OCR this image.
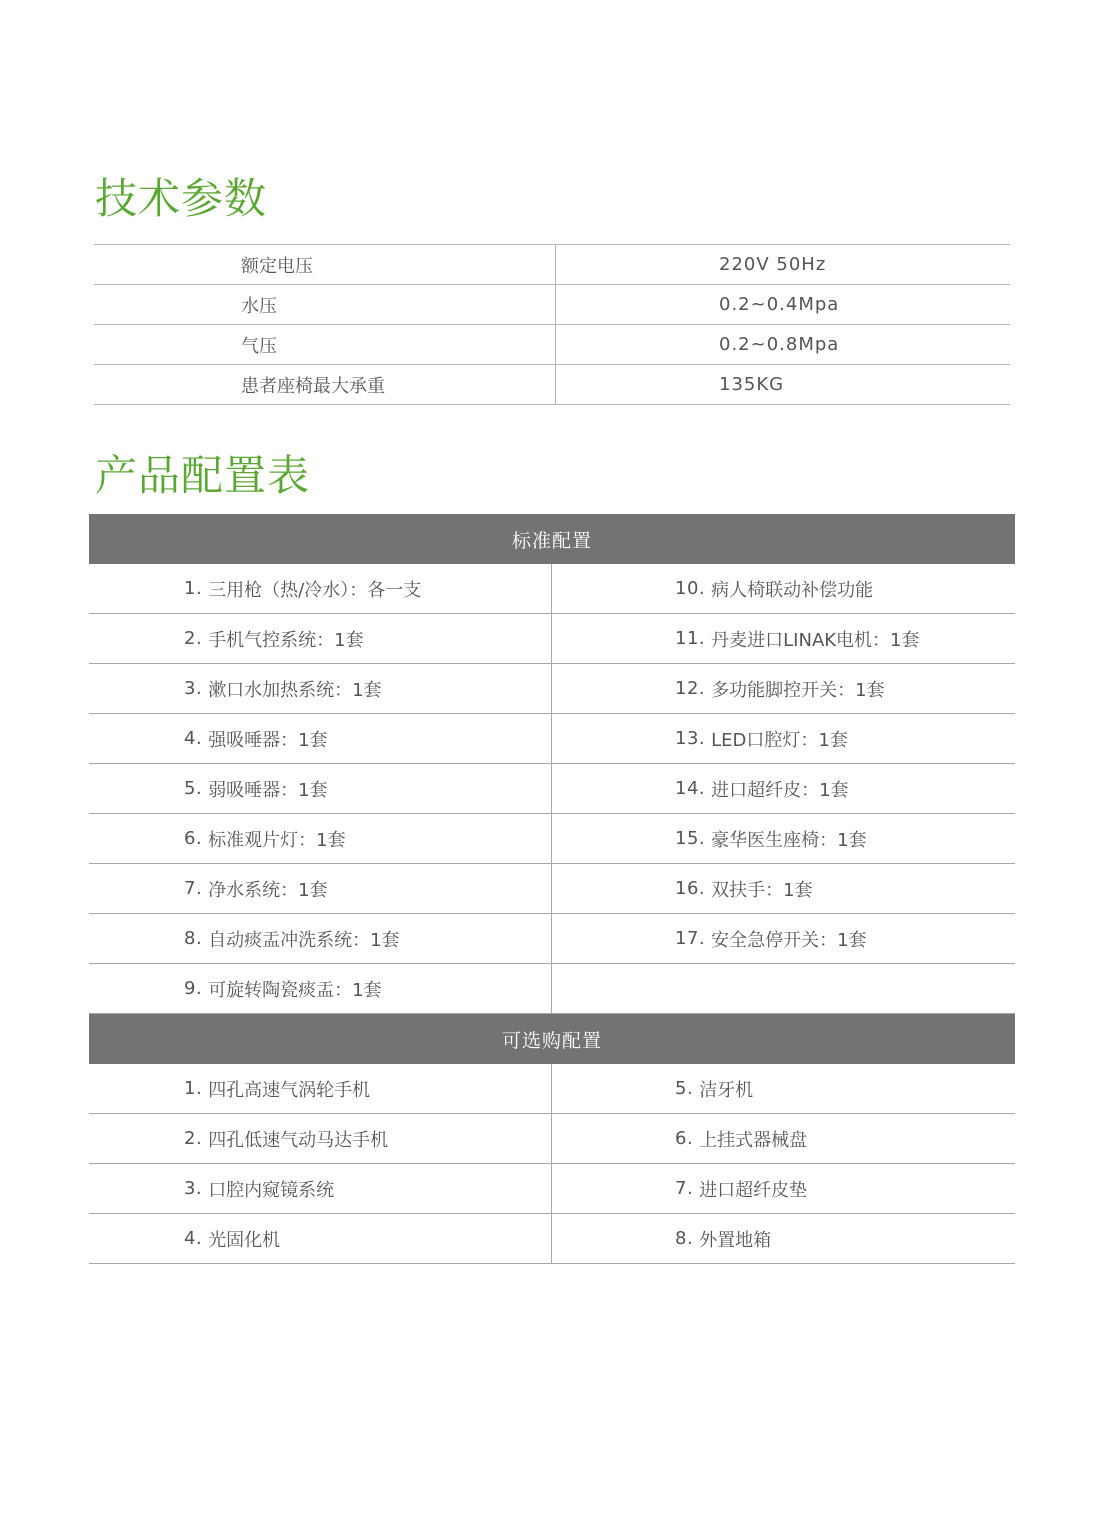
技术参数
额定电压	220V 50Hz
水压	0.2~0.4Mpa
气压	0.2~0.8Mpa
患者座椅最大承重	135KG
产品配置表
标准配置
1. 三用枪（热/冷水）：各一支	10. 病人椅联动补偿功能
2. 手机气控系统：1套	11. 丹麦进口LINAK电机：1套
3. 漱口水加热系统：1套	12. 多功能脚控开关：1套
4. 强吸唾器：1套	13. LED口腔灯：1套
5. 弱吸唾器：1套	14. 进口超纤皮：1套
6. 标准观片灯：1套	15. 豪华医生座椅：1套
7. 净水系统：1套	16. 双扶手：1套
8. 自动痰盂冲洗系统：1套	17. 安全急停开关：1套
9. 可旋转陶瓷痰盂：1套
可选购配置
1. 四孔高速气涡轮手机	5. 洁牙机
2. 四孔低速气动马达手机	6. 上挂式器械盘
3. 口腔内窥镜系统	7. 进口超纤皮垫
4. 光固化机	8. 外置地箱
